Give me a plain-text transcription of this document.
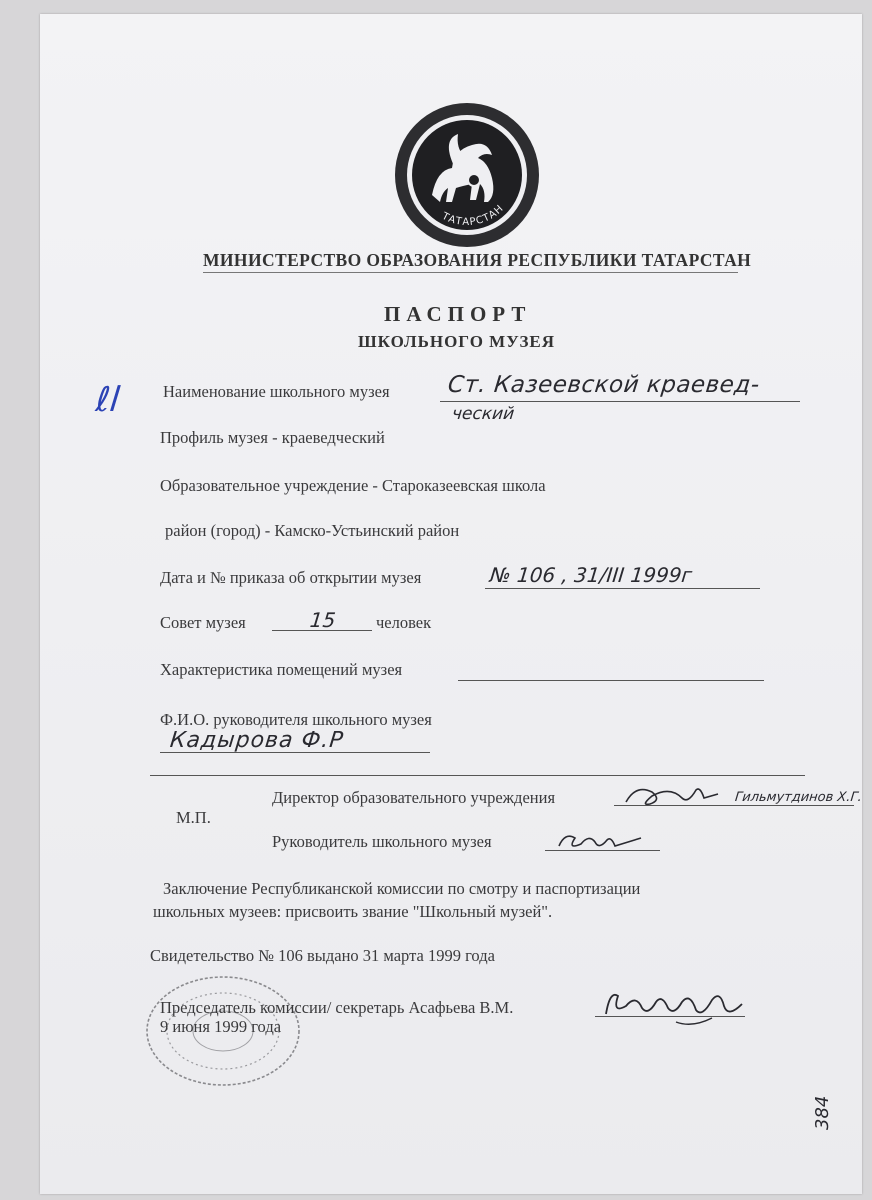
ТАТАРСТАН
МИНИСТЕРСТВО ОБРАЗОВАНИЯ РЕСПУБЛИКИ ТАТАРСТАН
ПАСПОРТ
ШКОЛЬНОГО МУЗЕЯ
ℓl	Наименование школьного музея Ст. Казеевской краевед-
ческий
Профиль музея - краеведческий
Образовательное учреждение - Староказеевская школа
район (город) - Камско-Устьинский район
Дата и № приказа об открытии музея	№ 106 , 31/III 1999г
Совет музея	15 человек
Характеристика помещений музея
Ф.И.О. руководителя школьного музея
Кадырова Ф.Р
Директор образовательного учреждения	Гильмутдинов Х.Г.
М.П.
Руководитель школьного музея
Заключение Республиканской комиссии по смотру и паспортизации
школьных музеев: присвоить звание "Школьный музей".
Свидетельство № 106 выдано 31 марта 1999 года
Председатель комиссии/ секретарь Асафьева В.М.
9 июня 1999 года
384
